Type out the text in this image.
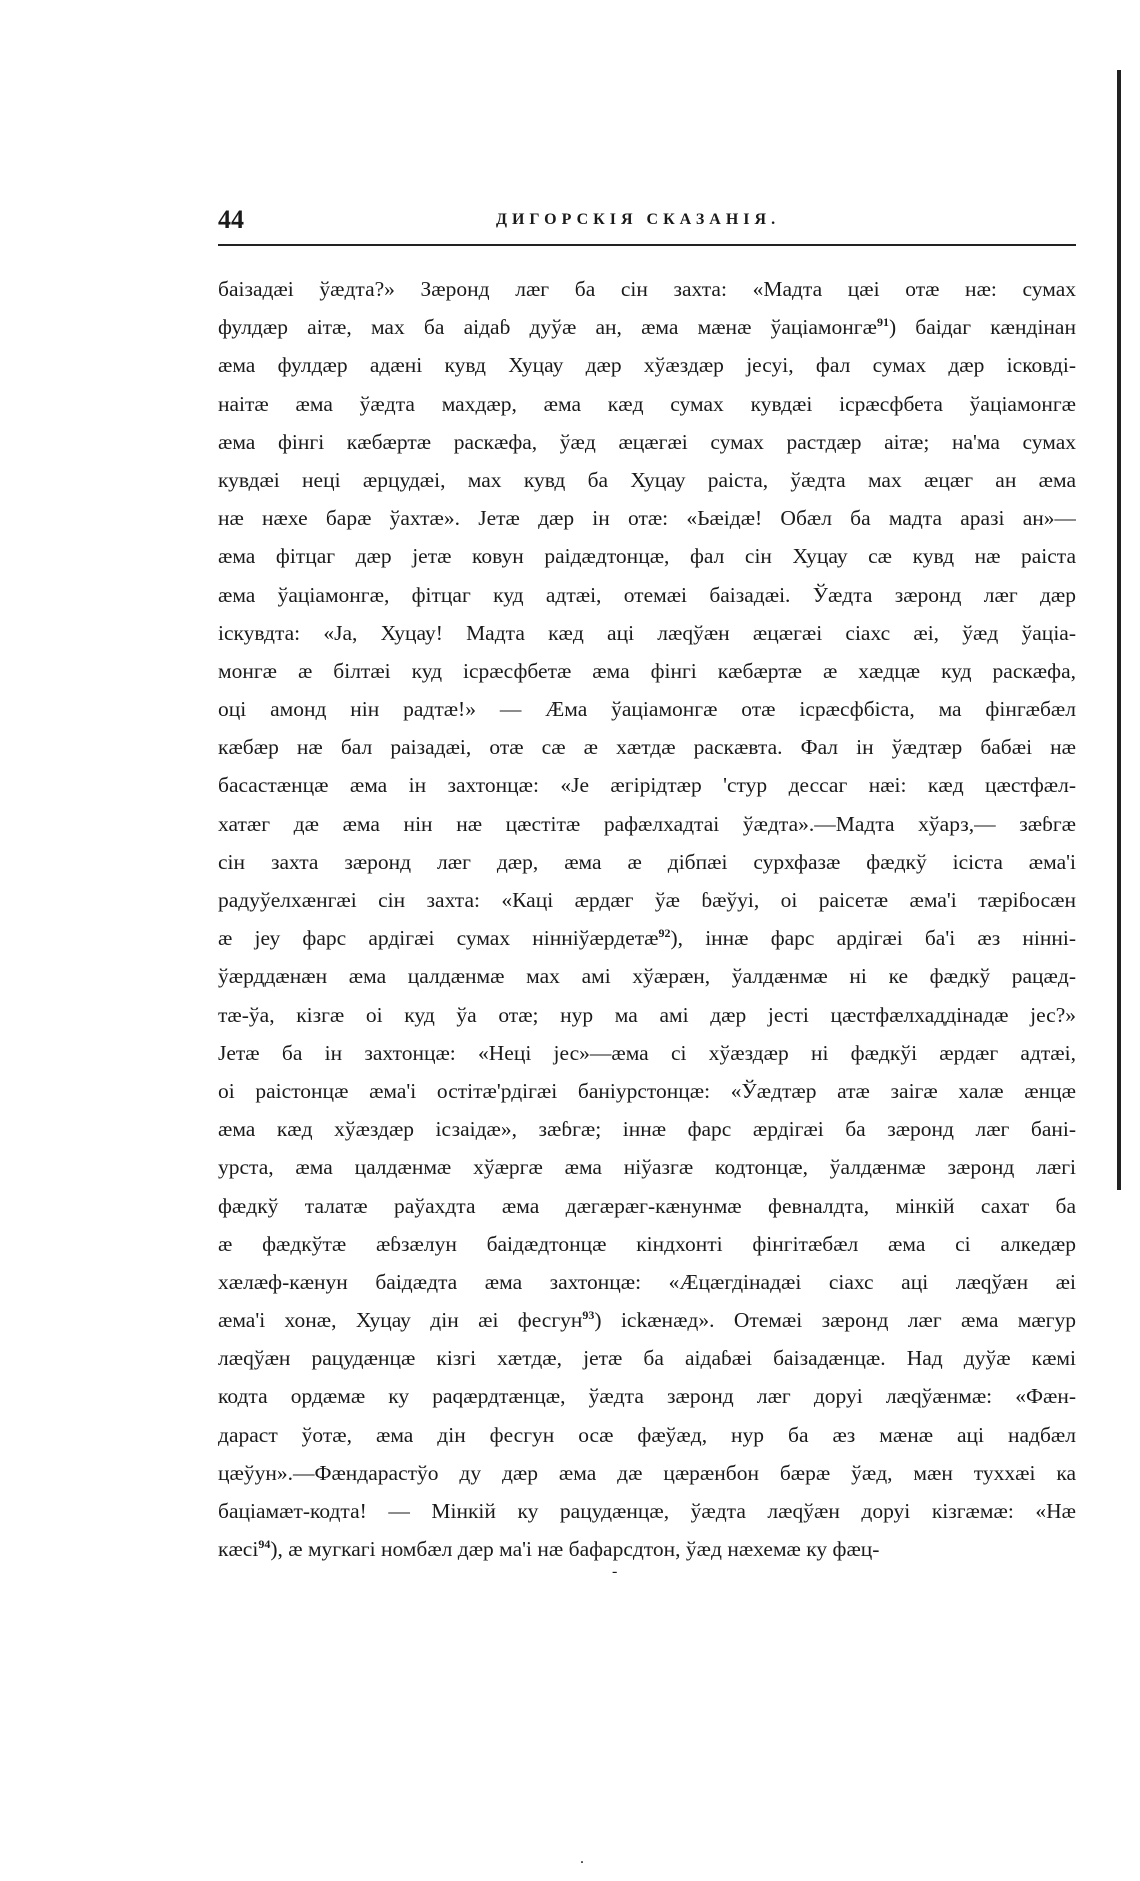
44	ДИГОРСКІЯ СКАЗАНІЯ.
баізадæі ўæдта?» Зæронд лæг ба сін захта: «Мадта цæі отæ нæ: сумах
фулдæр аітæ, мах ба аідаɓ дуўæ ан, æма мæнæ ўаціамонгæ$^{91}$) баідаг кæндінан
æма фулдæр адæні кувд Хуцау дæр хўæздæр jесуі, фал сумах дæр ісковді-
наітæ æма ўæдта махдæр, æма кæд сумах кувдæі ісрæсфбета ўаціамонгæ
æма фінгі кæбæртæ раскæфа, ўæд æцæгæі сумах растдæр аітæ; на'ма сумах
кувдæі неці æрцудæі, мах кувд ба Хуцау раіста, ўæдта мах æцæг ан æма
нæ нæхе барæ ўахтæ». Jетæ дæр ін отæ: «Ьæідæ! Обæл ба мадта аразі ан»—
æма фітцаг дæр jетæ ковун раідæдтонцæ, фал сін Хуцау сæ кувд нæ раіста
æма ўаціамонгæ, фітцаг куд адтæі, отемæі баізадæі. Ўæдта зæронд лæг дæр
іскувдта: «Jа, Хуцау! Мадта кæд аці лæqўæн æцæгæі сіахс æі, ўæд ўаціа-
монгæ æ білтæі куд ісрæсфбетæ æма фінгі кæбæртæ æ хæдцæ куд раскæфа,
оці амонд нін радтæ!» — Æма ўаціамонгæ отæ ісрæсфбіста, ма фінгæбæл
кæбæр нæ бал раізадæі, отæ сæ æ хæтдæ раскæвта. Фал ін ўæдтæр бабæі нæ
басастæнцæ æма ін захтонцæ: «Jе æгірідтæр 'стур дессаг нæі: кæд цæстфæл-
хатæг дæ æма нін нæ цæстітæ рафæлхадтаі ўæдта».—Мадта хўарз,— зæɓгæ
сін захта зæронд лæг дæр, æма æ дібпæі сурхфазæ фæдкў ісіста æма'і
радуўелхæнгæі сін захта: «Каці æрдæг ўæ ɓæўуі, оі раісетæ æма'і тæріɓосæн
æ jеу фарс ардігæі сумах нінніўæрдетæ$^{92}$), іннæ фарс ардігæі ба'і æз нінні-
ўæрддæнæн æма цалдæнмæ мах амі хўæрæн, ўалдæнмæ ні ке фæдкў рацæд-
тæ-ўа, кізгæ оі куд ўа отæ; нур ма амі дæр jесті цæстфæлхаддінадæ jес?»
Jетæ ба ін захтонцæ: «Неці jес»—æма сі хўæздæр ні фæдкўі æрдæг адтæі,
оі раістонцæ æма'і остітæ'рдігæі баніурстонцæ: «Ўæдтæр атæ заігæ халæ æнцæ
æма кæд хўæздæр ісзаідæ», зæɓгæ; іннæ фарс æрдігæі ба зæронд лæг бані-
урста, æма цалдæнмæ хўæргæ æма ніўазгæ кодтонцæ, ўалдæнмæ зæронд лæгі
фæдкў талатæ раўахдта æма дæгæрæг-кæнунмæ февналдта, мінкій сахат ба
æ фæдкўтæ æɓзæлун баідæдтонцæ кіндхонті фінгітæбæл æма сі алкедæр
хæлæф-кæнун баідæдта æма захтонцæ: «Æцæгдінадæі сіахс аці лæqўæн æі
æма'і хонæ, Хуцау дін æі фесгун$^{93}$) ісkæнæд». Отемæі зæронд лæг æма мæгур
лæqўæн рацудæнцæ кізгі хæтдæ, jетæ ба аідаɓæі баізадæнцæ. Над дуўæ кæмі
кодта ордæмæ ку раqæрдтæнцæ, ўæдта зæронд лæг доруі лæqўæнмæ: «Фæн-
дараст ўотæ, æма дін фесгун осæ фæўæд, нур ба æз мæнæ аці надбæл
цæўун».—Фæндарастўо ду дæр æма дæ цæрæнбон бæрæ ўæд, мæн туххæі ка
баціамæт-кодта! — Мінкій ку рацудæнцæ, ўæдта лæqўæн доруі кізгæмæ: «Нæ
кæсі$^{94}$), æ мугкагі номбæл дæр ма'і нæ бафарсдтон, ўæд нæхемæ ку фæц-
-
.
